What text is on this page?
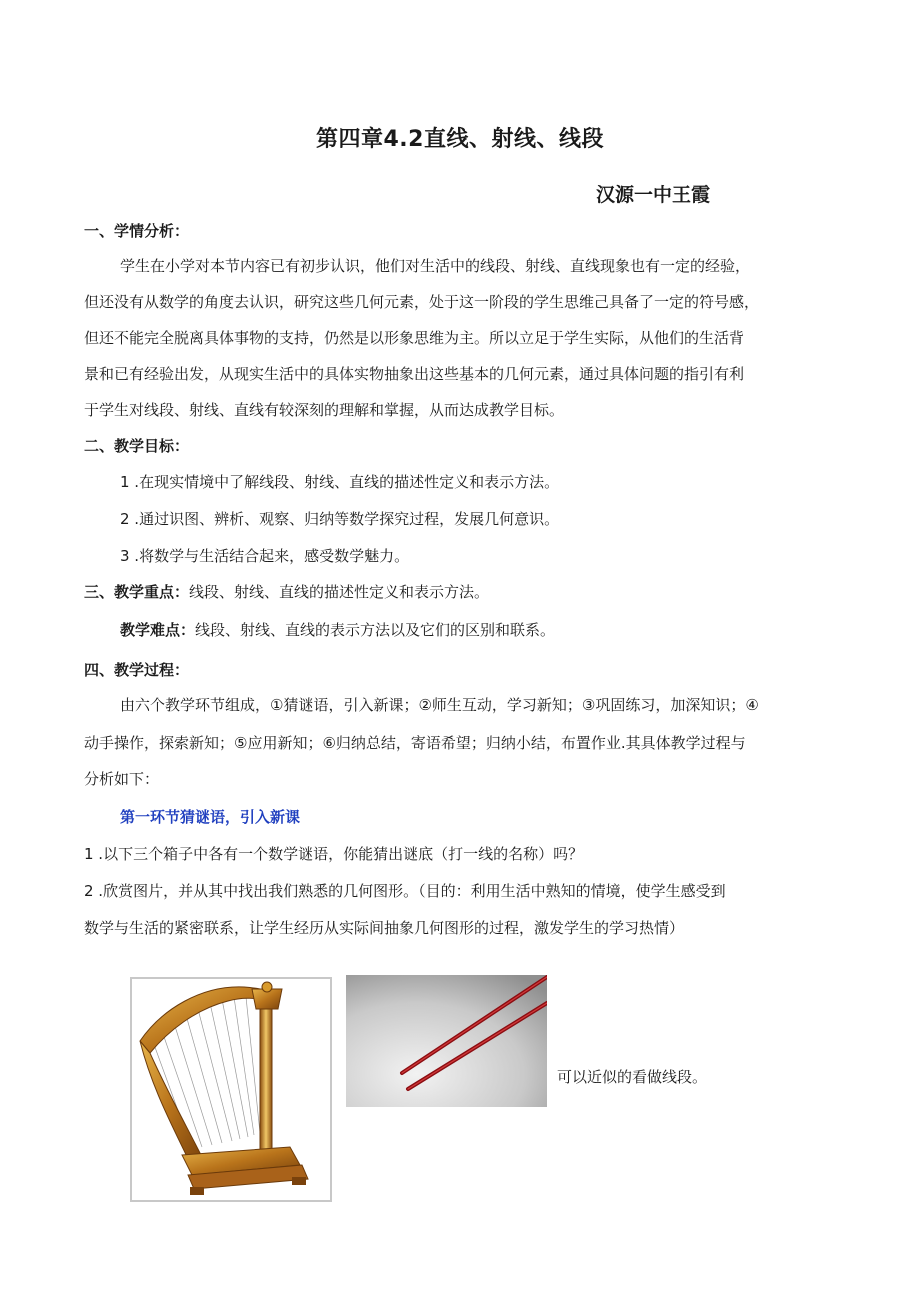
第四章4.2直线、射线、线段
汉源一中王霞
一、学情分析：
学生在小学对本节内容已有初步认识，他们对生活中的线段、射线、直线现象也有一定的经验，
但还没有从数学的角度去认识，研究这些几何元素，处于这一阶段的学生思维己具备了一定的符号感，
但还不能完全脱离具体事物的支持，仍然是以形象思维为主。所以立足于学生实际，从他们的生活背
景和已有经验出发，从现实生活中的具体实物抽象出这些基本的几何元素，通过具体问题的指引有利
于学生对线段、射线、直线有较深刻的理解和掌握，从而达成教学目标。
二、教学目标：
1 .在现实情境中了解线段、射线、直线的描述性定义和表示方法。
2 .通过识图、辨析、观察、归纳等数学探究过程，发展几何意识。
3 .将数学与生活结合起来，感受数学魅力。
三、教学重点：线段、射线、直线的描述性定义和表示方法。
教学难点：线段、射线、直线的表示方法以及它们的区别和联系。
四、教学过程：
由六个教学环节组成，①猜谜语，引入新课；②师生互动，学习新知；③巩固练习，加深知识；④
动手操作，探索新知；⑤应用新知；⑥归纳总结，寄语希望；归纳小结，布置作业.其具体教学过程与
分析如下：
第一环节猜谜语，引入新课
1 .以下三个箱子中各有一个数学谜语，你能猜出谜底（打一线的名称）吗？
2 .欣赏图片，并从其中找出我们熟悉的几何图形。（目的：利用生活中熟知的情境，使学生感受到
数学与生活的紧密联系，让学生经历从实际间抽象几何图形的过程，激发学生的学习热情）
可以近似的看做线段。
